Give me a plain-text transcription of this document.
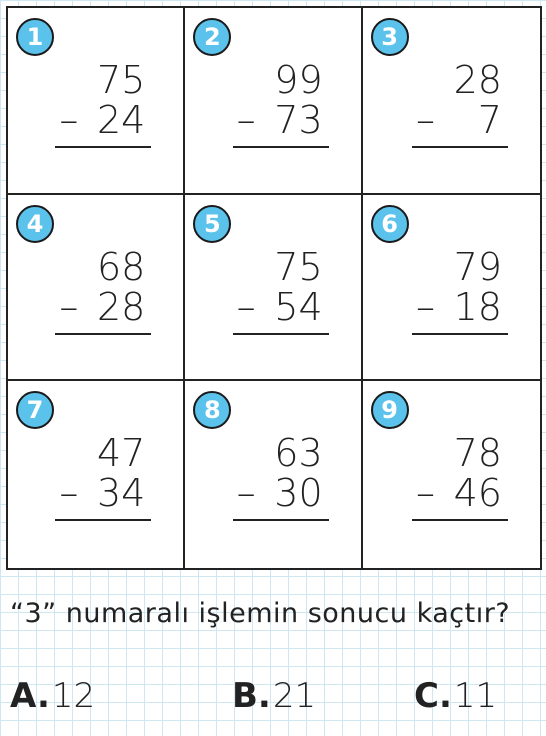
1
75
– 24
2
99
– 73
3
28
– 7
4
68
– 28
5
75
– 54
6
79
– 18
7
47
– 34
8
63
– 30
9
78
– 46
“3” numaralı işlemin sonucu kaçtır?
A.12	B.21	C.11
